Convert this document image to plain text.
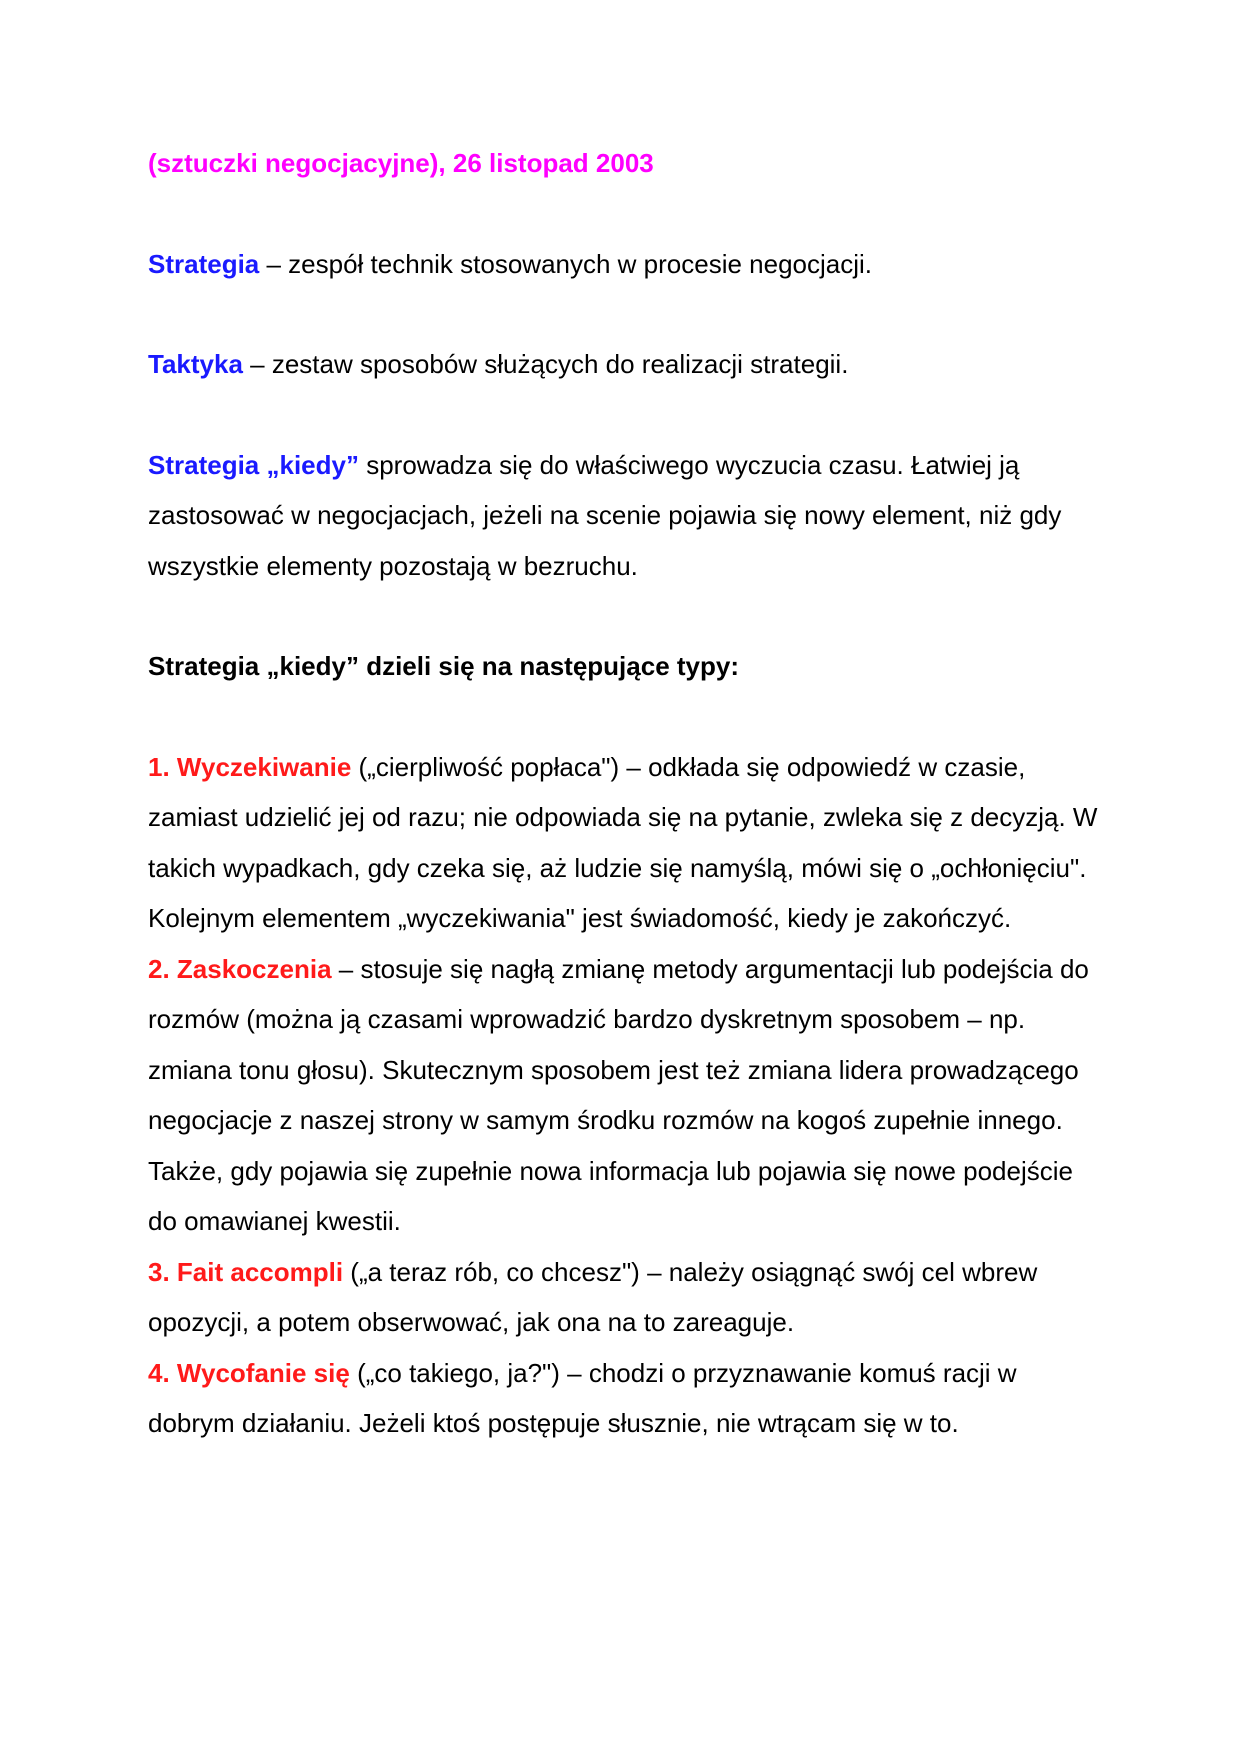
(sztuczki negocjacyjne), 26 listopad 2003

Strategia – zespół technik stosowanych w procesie negocjacji.

Taktyka – zestaw sposobów służących do realizacji strategii.

Strategia „kiedy” sprowadza się do właściwego wyczucia czasu. Łatwiej ją zastosować w negocjacjach, jeżeli na scenie pojawia się nowy element, niż gdy wszystkie elementy pozostają w bezruchu.

Strategia „kiedy” dzieli się na następujące typy:

1. Wyczekiwanie („cierpliwość popłaca") – odkłada się odpowiedź w czasie, zamiast udzielić jej od razu; nie odpowiada się na pytanie, zwleka się z decyzją. W takich wypadkach, gdy czeka się, aż ludzie się namyślą, mówi się o „ochłonięciu". Kolejnym elementem „wyczekiwania" jest świadomość, kiedy je zakończyć.

2. Zaskoczenia – stosuje się nagłą zmianę metody argumentacji lub podejścia do rozmów (można ją czasami wprowadzić bardzo dyskretnym sposobem – np. zmiana tonu głosu). Skutecznym sposobem jest też zmiana lidera prowadzącego negocjacje z naszej strony w samym środku rozmów na kogoś zupełnie innego. Także, gdy pojawia się zupełnie nowa informacja lub pojawia się nowe podejście do omawianej kwestii.

3. Fait accompli („a teraz rób, co chcesz") – należy osiągnąć swój cel wbrew opozycji, a potem obserwować, jak ona na to zareaguje.

4. Wycofanie się („co takiego, ja?") – chodzi o przyznawanie komuś racji w dobrym działaniu. Jeżeli ktoś postępuje słusznie, nie wtrącam się w to.
